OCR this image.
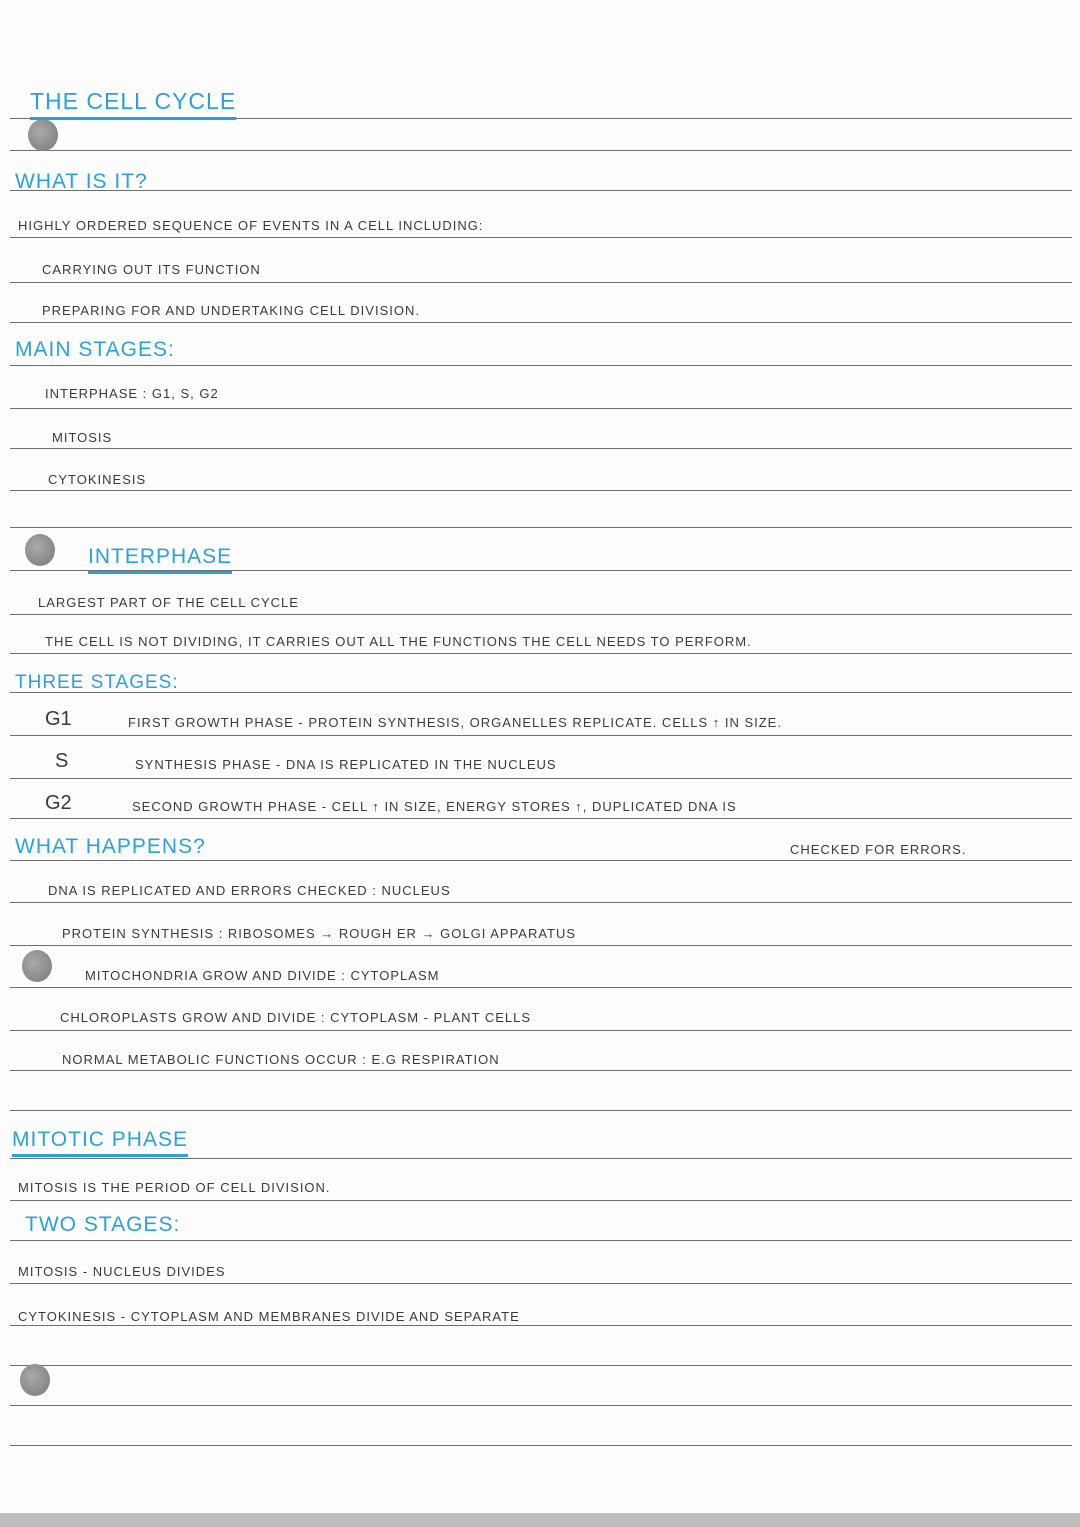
THE CELL CYCLE
WHAT IS IT?
HIGHLY ORDERED SEQUENCE OF EVENTS IN A CELL INCLUDING:
CARRYING OUT ITS FUNCTION
PREPARING FOR AND UNDERTAKING CELL DIVISION.
MAIN STAGES:
INTERPHASE : G1, S, G2
MITOSIS
CYTOKINESIS
INTERPHASE
LARGEST PART OF THE CELL CYCLE
THE CELL IS NOT DIVIDING, IT CARRIES OUT ALL THE FUNCTIONS THE CELL NEEDS TO PERFORM.
THREE STAGES:
G1	FIRST GROWTH PHASE - PROTEIN SYNTHESIS, ORGANELLES REPLICATE. CELLS ↑ IN SIZE.
S	SYNTHESIS PHASE - DNA IS REPLICATED IN THE NUCLEUS
G2	SECOND GROWTH PHASE - CELL ↑ IN SIZE, ENERGY STORES ↑, DUPLICATED DNA IS
WHAT HAPPENS?	CHECKED FOR ERRORS.
DNA IS REPLICATED AND ERRORS CHECKED : NUCLEUS
PROTEIN SYNTHESIS : RIBOSOMES → ROUGH ER → GOLGI APPARATUS
MITOCHONDRIA GROW AND DIVIDE : CYTOPLASM
CHLOROPLASTS GROW AND DIVIDE : CYTOPLASM - PLANT CELLS
NORMAL METABOLIC FUNCTIONS OCCUR : E.G RESPIRATION
MITOTIC PHASE
MITOSIS IS THE PERIOD OF CELL DIVISION.
TWO STAGES:
MITOSIS - NUCLEUS DIVIDES
CYTOKINESIS - CYTOPLASM AND MEMBRANES DIVIDE AND SEPARATE
